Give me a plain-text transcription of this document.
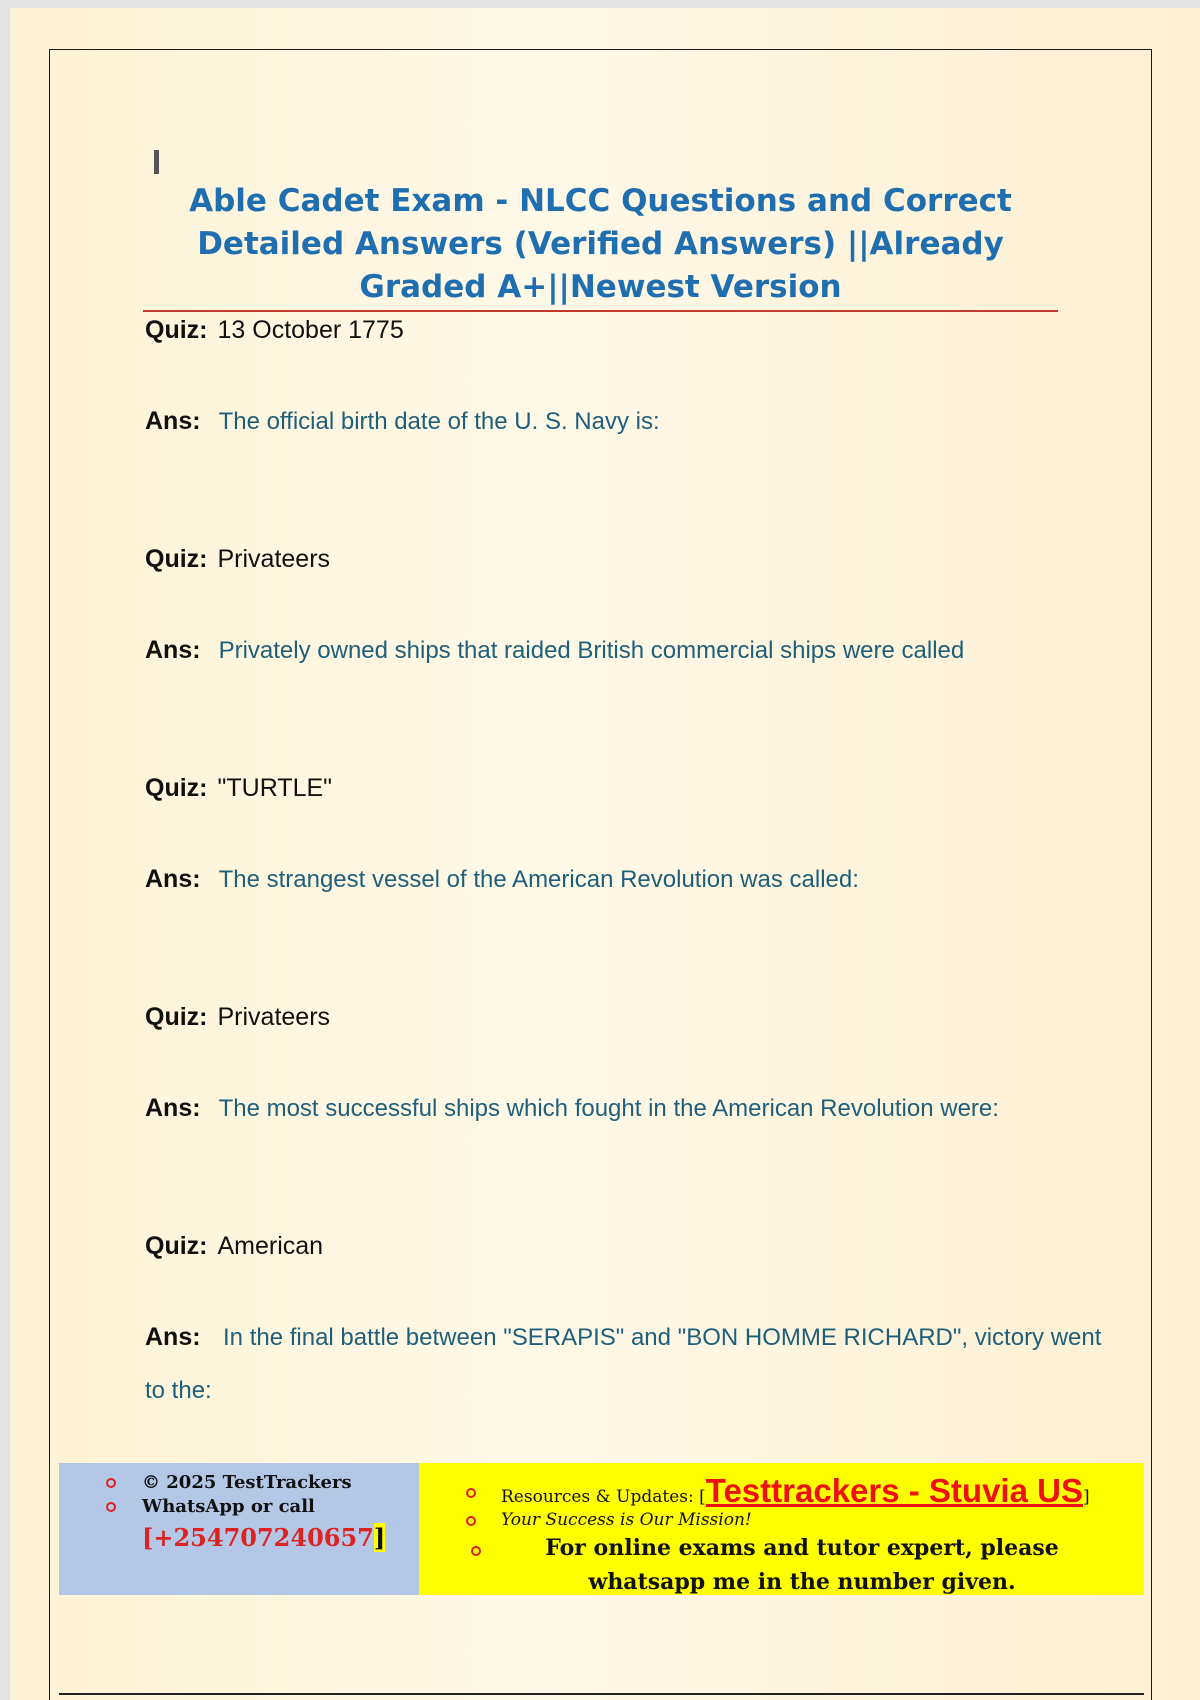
Able Cadet Exam - NLCC Questions and Correct Detailed Answers (Verified Answers) ||Already Graded A+||Newest Version
Quiz: 13 October 1775
Ans: The official birth date of the U. S. Navy is:
Quiz: Privateers
Ans: Privately owned ships that raided British commercial ships were called
Quiz: "TURTLE"
Ans: The strangest vessel of the American Revolution was called:
Quiz: Privateers
Ans: The most successful ships which fought in the American Revolution were:
Quiz: American
Ans: In the final battle between "SERAPIS" and "BON HOMME RICHARD", victory went to the:
© 2025 TestTrackers
WhatsApp or call
[+254707240657]
Resources & Updates: [Testtrackers - Stuvia US]
Your Success is Our Mission!
For online exams and tutor expert, please whatsapp me in the number given.
